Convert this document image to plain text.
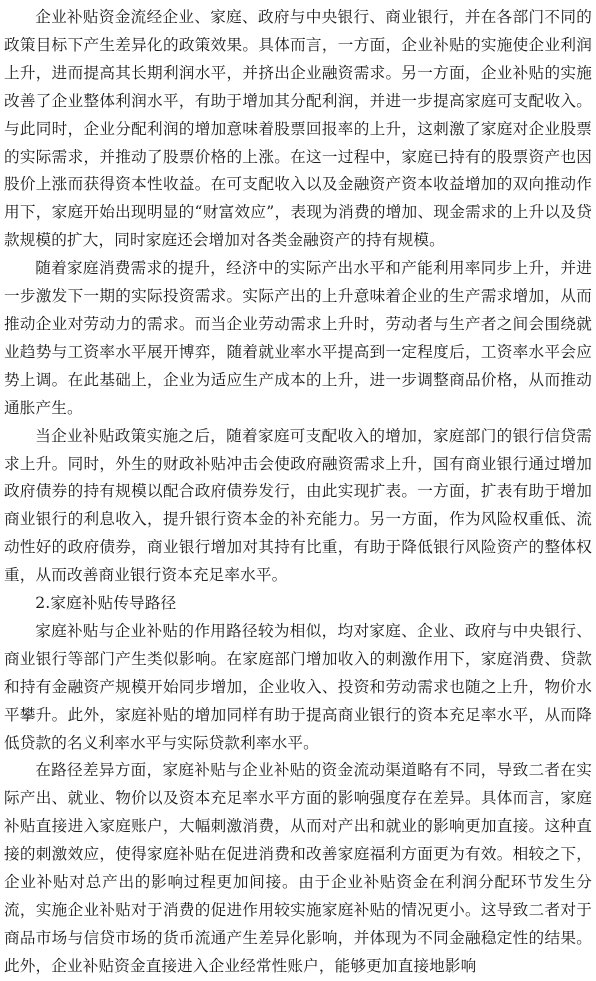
企业补贴资金流经企业、家庭、政府与中央银行、商业银行，并在各部门不同的政策目标下产生差异化的政策效果。具体而言，一方面，企业补贴的实施使企业利润上升，进而提高其长期利润水平，并挤出企业融资需求。另一方面，企业补贴的实施改善了企业整体利润水平，有助于增加其分配利润，并进一步提高家庭可支配收入。与此同时，企业分配利润的增加意味着股票回报率的上升，这刺激了家庭对企业股票的实际需求，并推动了股票价格的上涨。在这一过程中，家庭已持有的股票资产也因股价上涨而获得资本性收益。在可支配收入以及金融资产资本收益增加的双向推动作用下，家庭开始出现明显的“财富效应”，表现为消费的增加、现金需求的上升以及贷款规模的扩大，同时家庭还会增加对各类金融资产的持有规模。

随着家庭消费需求的提升，经济中的实际产出水平和产能利用率同步上升，并进一步激发下一期的实际投资需求。实际产出的上升意味着企业的生产需求增加，从而推动企业对劳动力的需求。而当企业劳动需求上升时，劳动者与生产者之间会围绕就业趋势与工资率水平展开博弈，随着就业率水平提高到一定程度后，工资率水平会应势上调。在此基础上，企业为适应生产成本的上升，进一步调整商品价格，从而推动通胀产生。

当企业补贴政策实施之后，随着家庭可支配收入的增加，家庭部门的银行信贷需求上升。同时，外生的财政补贴冲击会使政府融资需求上升，国有商业银行通过增加政府债券的持有规模以配合政府债券发行，由此实现扩表。一方面，扩表有助于增加商业银行的利息收入，提升银行资本金的补充能力。另一方面，作为风险权重低、流动性好的政府债券，商业银行增加对其持有比重，有助于降低银行风险资产的整体权重，从而改善商业银行资本充足率水平。

2.家庭补贴传导路径

家庭补贴与企业补贴的作用路径较为相似，均对家庭、企业、政府与中央银行、商业银行等部门产生类似影响。在家庭部门增加收入的刺激作用下，家庭消费、贷款和持有金融资产规模开始同步增加，企业收入、投资和劳动需求也随之上升，物价水平攀升。此外，家庭补贴的增加同样有助于提高商业银行的资本充足率水平，从而降低贷款的名义利率水平与实际贷款利率水平。

在路径差异方面，家庭补贴与企业补贴的资金流动渠道略有不同，导致二者在实际产出、就业、物价以及资本充足率水平方面的影响强度存在差异。具体而言，家庭补贴直接进入家庭账户，大幅刺激消费，从而对产出和就业的影响更加直接。这种直接的刺激效应，使得家庭补贴在促进消费和改善家庭福利方面更为有效。相较之下，企业补贴对总产出的影响过程更加间接。由于企业补贴资金在利润分配环节发生分流，实施企业补贴对于消费的促进作用较实施家庭补贴的情况更小。这导致二者对于商品市场与信贷市场的货币流通产生差异化影响，并体现为不同金融稳定性的结果。此外，企业补贴资金直接进入企业经常性账户，能够更加直接地影响
